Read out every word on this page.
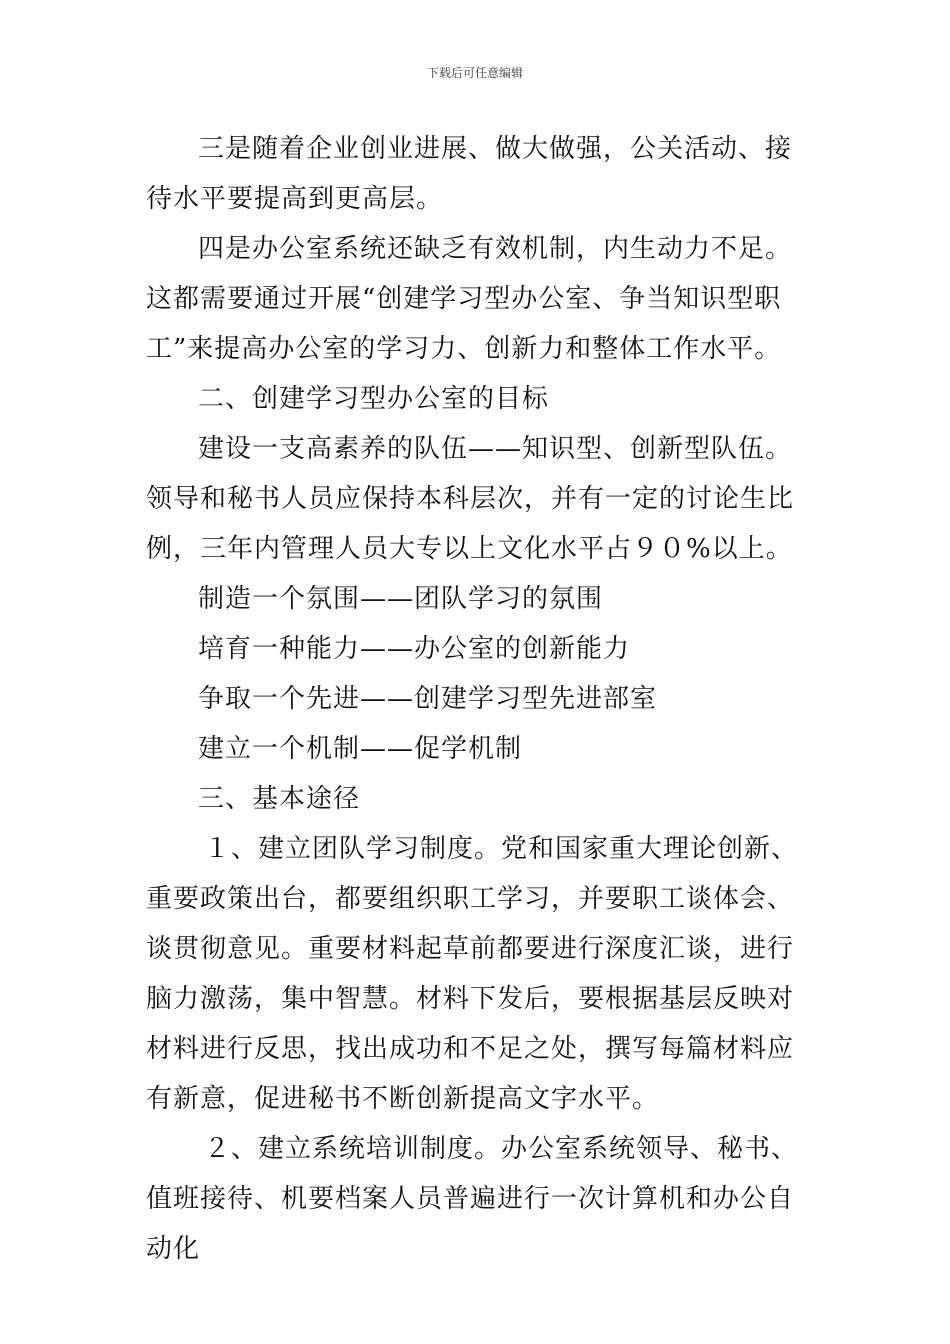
下载后可任意编辑

三是随着企业创业进展、做大做强，公关活动、接待水平要提高到更高层。

四是办公室系统还缺乏有效机制，内生动力不足。这都需要通过开展“创建学习型办公室、争当知识型职工”来提高办公室的学习力、创新力和整体工作水平。

二、创建学习型办公室的目标

建设一支高素养的队伍——知识型、创新型队伍。领导和秘书人员应保持本科层次，并有一定的讨论生比例，三年内管理人员大专以上文化水平占９０%以上。

制造一个氛围——团队学习的氛围

培育一种能力——办公室的创新能力

争取一个先进——创建学习型先进部室

建立一个机制——促学机制

三、基本途径

１、建立团队学习制度。党和国家重大理论创新、重要政策出台，都要组织职工学习，并要职工谈体会、谈贯彻意见。重要材料起草前都要进行深度汇谈，进行脑力激荡，集中智慧。材料下发后，要根据基层反映对材料进行反思，找出成功和不足之处，撰写每篇材料应有新意，促进秘书不断创新提高文字水平。

２、建立系统培训制度。办公室系统领导、秘书、值班接待、机要档案人员普遍进行一次计算机和办公自动化
